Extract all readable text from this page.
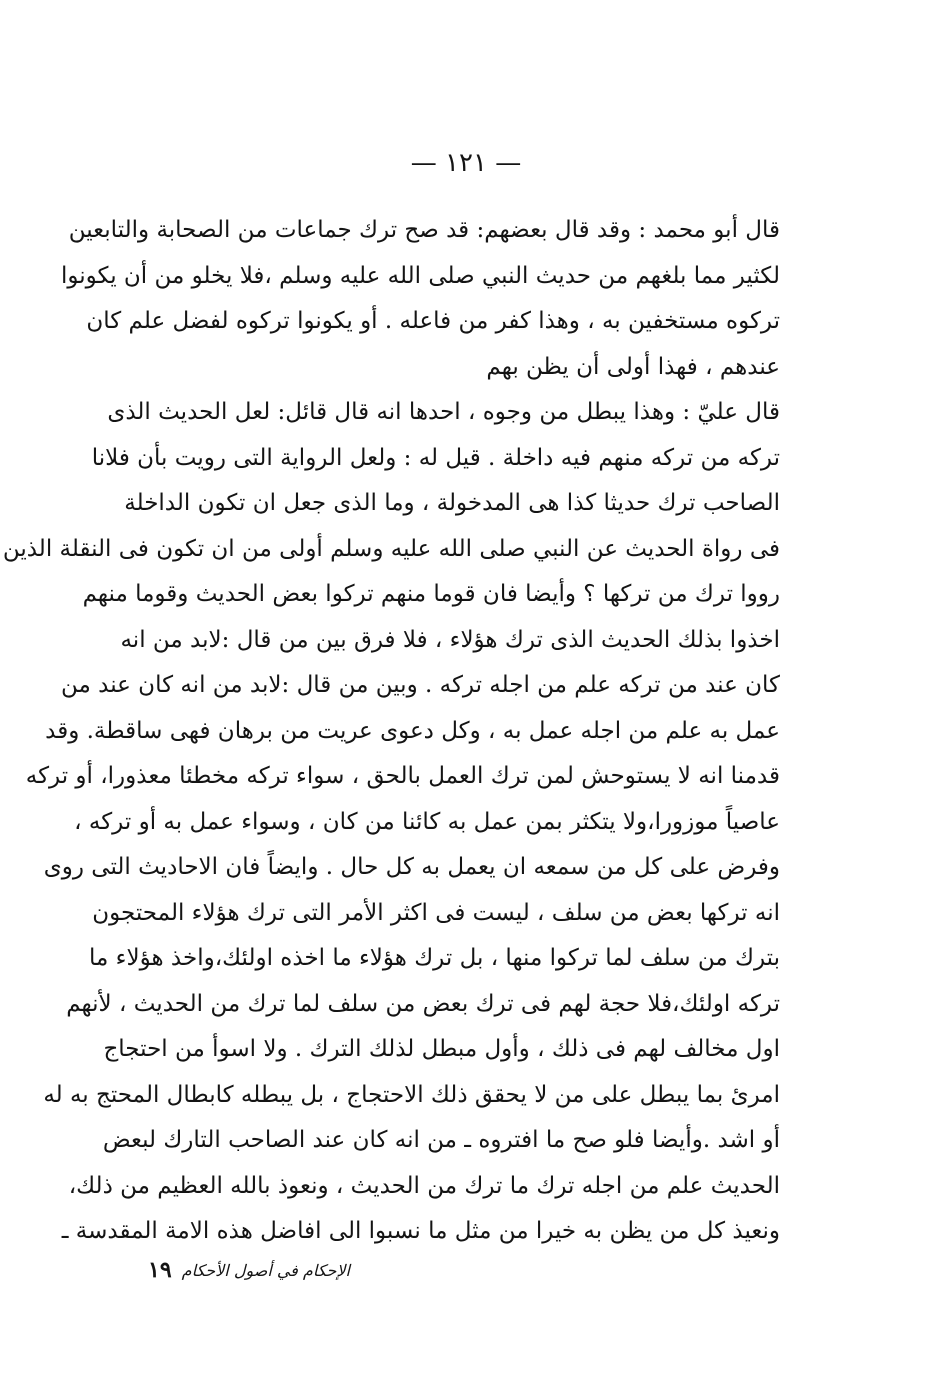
— ١٢١ —
قال أبو محمد : وقد قال بعضهم: قد صح ترك جماعات من الصحابة والتابعين
لكثير مما بلغهم من حديث النبي صلى الله عليه وسلم ،فلا يخلو من أن يكونوا
تركوه مستخفين به ، وهذا كفر من فاعله . أو يكونوا تركوه لفضل علم كان
عندهم ، فهذا أولى أن يظن بهم
قال عليّ : وهذا يبطل من وجوه ، احدها انه قال قائل: لعل الحديث الذى
تركه من تركه منهم فيه داخلة . قيل له : ولعل الرواية التى رويت بأن فلانا
الصاحب ترك حديثا كذا هى المدخولة ، وما الذى جعل ان تكون الداخلة
فى رواة الحديث عن النبي صلى الله عليه وسلم أولى من ان تكون فى النقلة الذين
رووا ترك من تركها ؟ وأيضا فان قوما منهم تركوا بعض الحديث وقوما منهم
اخذوا بذلك الحديث الذى ترك هؤلاء ، فلا فرق بين من قال :لابد من انه
كان عند من تركه علم من اجله تركه . وبين من قال :لابد من انه كان عند من
عمل به علم من اجله عمل به ، وكل دعوى عريت من برهان فهى ساقطة. وقد
قدمنا انه لا يستوحش لمن ترك العمل بالحق ، سواء تركه مخطئا معذورا، أو تركه
عاصياً موزورا،ولا يتكثر بمن عمل به كائنا من كان ، وسواء عمل به أو تركه ،
وفرض على كل من سمعه ان يعمل به كل حال . وايضاً فان الاحاديث التى روى
انه تركها بعض من سلف ، ليست فى اكثر الأمر التى ترك هؤلاء المحتجون
بترك من سلف لما تركوا منها ، بل ترك هؤلاء ما اخذه اولئك،واخذ هؤلاء ما
تركه اولئك،فلا حجة لهم فى ترك بعض من سلف لما ترك من الحديث ، لأنهم
اول مخالف لهم فى ذلك ، وأول مبطل لذلك الترك . ولا اسوأ من احتجاج
امرئ بما يبطل على من لا يحقق ذلك الاحتجاج ، بل يبطله كابطال المحتج به له
أو اشد .وأيضا فلو صح ما افتروه ـ من انه كان عند الصاحب التارك لبعض
الحديث علم من اجله ترك ما ترك من الحديث ، ونعوذ بالله العظيم من ذلك،
ونعيذ كل من يظن به خيرا من مثل ما نسبوا الى افاضل هذه الامة المقدسة ـ
الإحكام في أصول الأحكام
١٩
